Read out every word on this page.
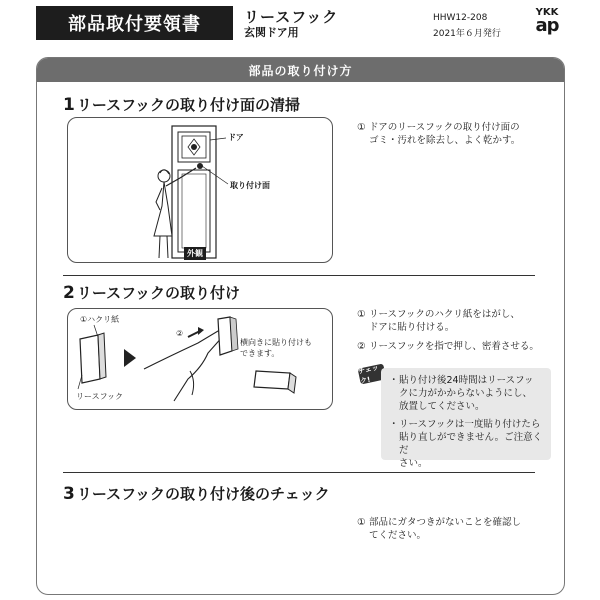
部品取付要領書	リースフック
玄関ドア用
HHW12-208
2021年６月発行
YKK
ap
部品の取り付け方
1 リースフックの取り付け面の清掃
ドア
取り付け面
外観
① ドアのリースフックの取り付け面の
ゴミ・汚れを除去し、よく乾かす。
2 リースフックの取り付け
①ハクリ紙
リースフック
②
横向きに貼り付けも
できます。
① リースフックのハクリ紙をはがし、
ドアに貼り付ける。
② リースフックを指で押し、密着させる。
チェック!	・ 貼り付け後24時間はリースフッ
クに力がかからないようにし、
放置してください。
・ リースフックは一度貼り付けたら
貼り直しができません。ご注意くだ
さい。
3 リースフックの取り付け後のチェック
① 部品にガタつきがないことを確認し
てください。
